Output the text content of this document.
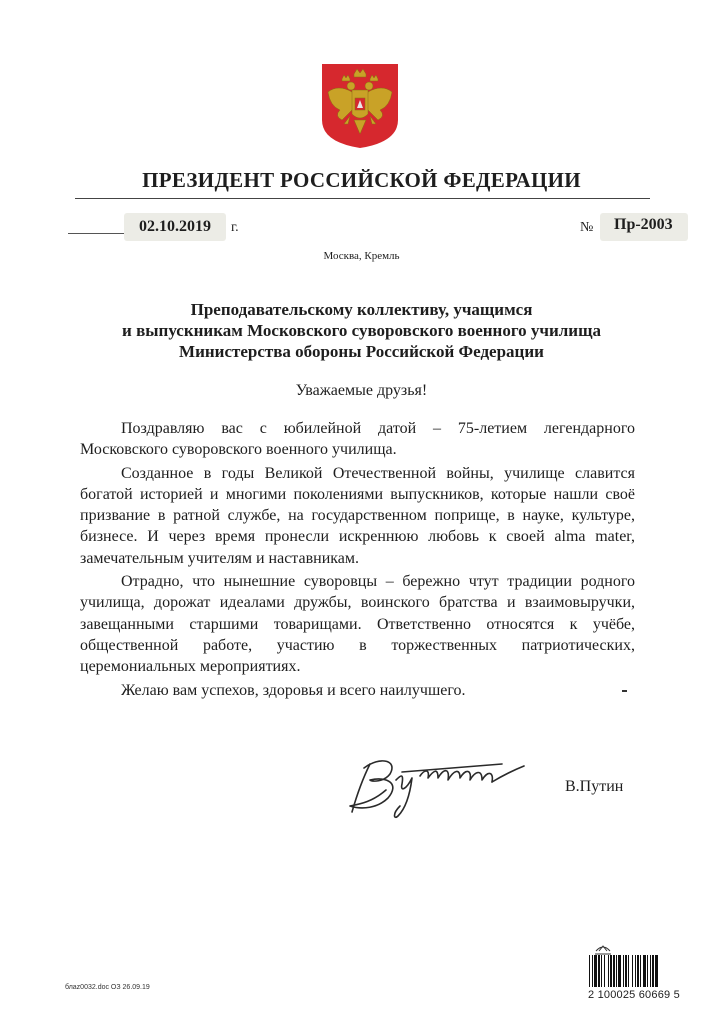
ПРЕЗИДЕНТ РОССИЙСКОЙ ФЕДЕРАЦИИ
02.10.2019 г.	№ Пр-2003
Москва, Кремль
Преподавательскому коллективу, учащимся
и выпускникам Московского суворовского военного училища
Министерства обороны Российской Федерации
Уважаемые друзья!

Поздравляю вас с юбилейной датой – 75-летием легендарного Московского суворовского военного училища.

Созданное в годы Великой Отечественной войны, училище славится богатой историей и многими поколениями выпускников, которые нашли своё призвание в ратной службе, на государственном поприще, в науке, культуре, бизнесе. И через время пронесли искреннюю любовь к своей alma mater, замечательным учителям и наставникам.

Отрадно, что нынешние суворовцы – бережно чтут традиции родного училища, дорожат идеалами дружбы, воинского братства и взаимовыручки, завещанными старшими товарищами. Ответственно относятся к учёбе, общественной работе, участию в торжественных патриотических, церемониальных мероприятиях.

Желаю вам успехов, здоровья и всего наилучшего.

В.Путин
блаz0032.doc ОЗ 26.09.19
2 100025 60669 5
